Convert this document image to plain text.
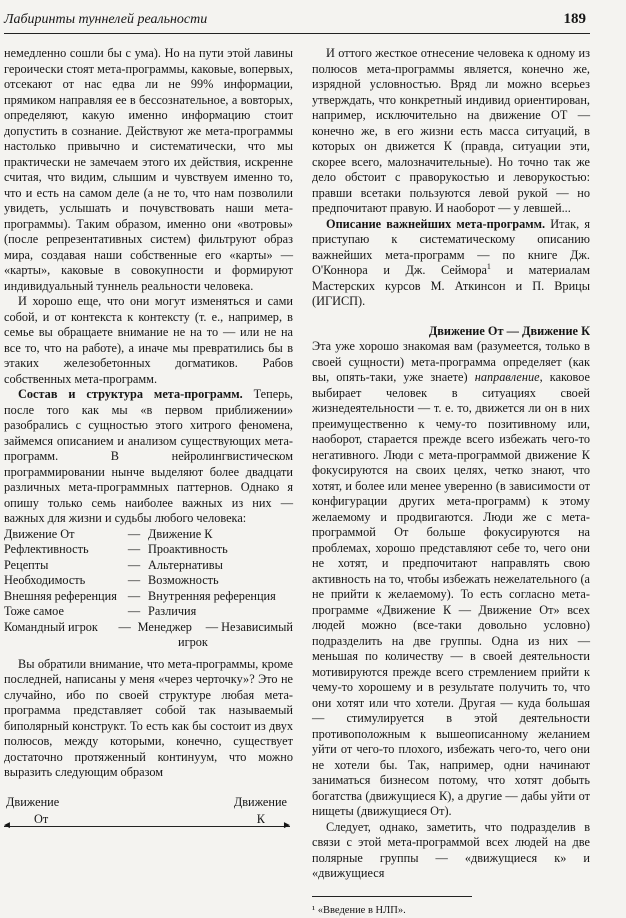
Лабиринты туннелей реальности	189

немедленно сошли бы с ума). Но на пути этой лавины героически стоят мета-программы, каковые, вопервых, отсекают от нас едва ли не 99% информации, прямиком направляя ее в бессознательное, а вовторых, определяют, какую именно информацию стоит допустить в сознание. Действуют же мета-программы настолько привычно и систематически, что мы практически не замечаем этого их действия, искренне считая, что видим, слышим и чувствуем именно то, что и есть на самом деле (а не то, что нам позволили увидеть, услышать и почувствовать наши мета-программы). Таким образом, именно они «вотровы» (после репрезентативных систем) фильтруют образ мира, создавая наши собственные его «карты» — «карты», каковые в совокупности и формируют индивидуальный туннель реальности человека.

И хорошо еще, что они могут изменяться и сами собой, и от контекста к контексту (т. е., например, в семье вы обращаете внимание не на то — или не на все то, что на работе), а иначе мы превратились бы в этаких железобетонных догматиков. Рабов собственных мета-программ.

Состав и структура мета-программ. Теперь, после того как мы «в первом приближении» разобрались с сущностью этого хитрого феномена, займемся описанием и анализом существующих мета-программ. В нейролингвистическом программировании нынче выделяют более двадцати различных мета-программных паттернов. Однако я опишу только семь наиболее важных из них — важных для жизни и судьбы любого человека:

Движение От	— Движение К
Рефлективность	— Проактивность
Рецепты	— Альтернативы
Необходимость	— Возможность
Внешняя референция — Внутренняя референция
Тоже самое	— Различия
Командный игрок	— Менеджер	— Независимый
игрок

Вы обратили внимание, что мета-программы, кроме последней, написаны у меня «через черточку»? Это не случайно, ибо по своей структуре любая мета-программа представляет собой так называемый биполярный конструкт. То есть как бы состоит из двух полюсов, между которыми, конечно, существует достаточно протяженный континуум, что можно выразить следующим образом

Движение
От
Движение
К
◄	►

И оттого жесткое отнесение человека к одному из полюсов мета-программы является, конечно же, изрядной условностью. Вряд ли можно всерьез утверждать, что конкретный индивид ориентирован, например, исключительно на движение ОТ — конечно же, в его жизни есть масса ситуаций, в которых он движется К (правда, ситуации эти, скорее всего, малозначительные). Но точно так же дело обстоит с праворукостью и леворукостью: правши всетаки пользуются левой рукой — но предпочитают правую. И наоборот — у левшей...

Описание важнейших мета-программ. Итак, я приступаю к систематическому описанию важнейших мета-программ — по книге Дж. О'Коннора и Дж. Сеймора$^1$ и материалам Мастерских курсов М. Аткинсон и П. Врицы (ИГИСП).

Движение От — Движение К

Эта уже хорошо знакомая вам (разумеется, только в своей сущности) мета-программа определяет (как вы, опять-таки, уже знаете) направление, каковое выбирает человек в ситуациях своей жизнедеятельности — т. е. то, движется ли он в них преимущественно к чему-то позитивному или, наоборот, старается прежде всего избежать чего-то негативного. Люди с мета-программой движение К фокусируются на своих целях, четко знают, что хотят, и более или менее уверенно (в зависимости от конфигурации других мета-программ) к этому желаемому и продвигаются. Люди же с мета-программой От больше фокусируются на проблемах, хорошо представляют себе то, чего они не хотят, и предпочитают направлять свою активность на то, чтобы избежать нежелательного (а не прийти к желаемому). То есть согласно мета-программе «Движение К — Движение От» всех людей можно (все-таки довольно условно) подразделить на две группы. Одна из них — меньшая по количеству — в своей деятельности мотивируются прежде всего стремлением прийти к чему-то хорошему и в результате получить то, что они хотят или что хотели. Другая — куда большая — стимулируется в этой деятельности противоположным к вышеописанному желанием уйти от чего-то плохого, избежать чего-то, чего они не хотели бы. Так, например, одни начинают заниматься бизнесом потому, что хотят добыть богатства (движущиеся К), а другие — дабы уйти от нищеты (движущиеся От).

Следует, однако, заметить, что подразделив в связи с этой мета-программой всех людей на две полярные группы — «движущиеся к» и «движущиеся

¹ «Введение в НЛП».
